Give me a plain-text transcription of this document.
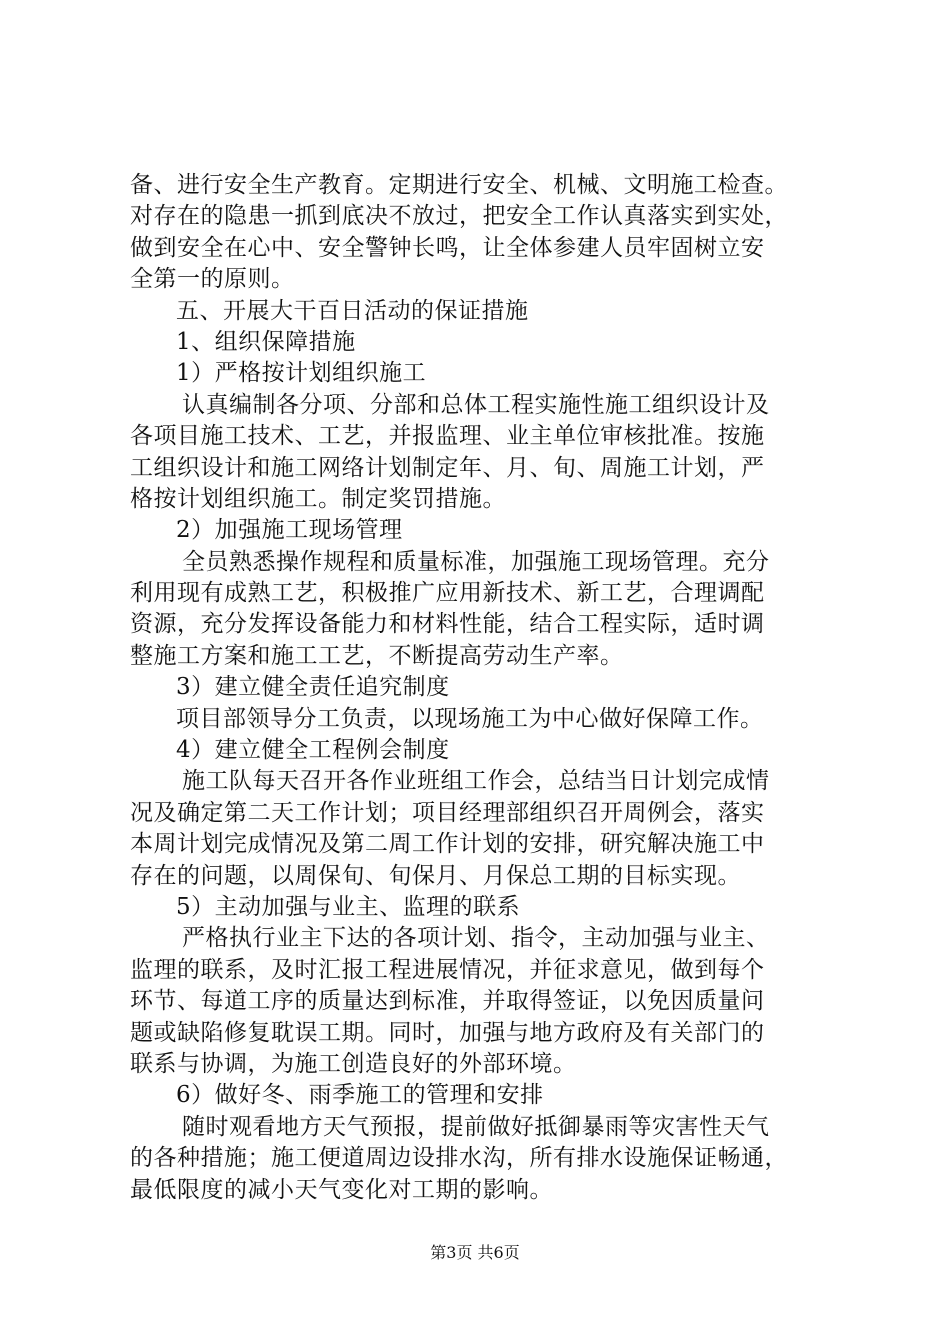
备、进行安全生产教育。定期进行安全、机械、文明施工检查。
对存在的隐患一抓到底决不放过，把安全工作认真落实到实处，
做到安全在心中、安全警钟长鸣，让全体参建人员牢固树立安
全第一的原则。
五、开展大干百日活动的保证措施
1、组织保障措施
1）严格按计划组织施工
认真编制各分项、分部和总体工程实施性施工组织设计及
各项目施工技术、工艺，并报监理、业主单位审核批准。按施
工组织设计和施工网络计划制定年、月、旬、周施工计划，严
格按计划组织施工。制定奖罚措施。
2）加强施工现场管理
全员熟悉操作规程和质量标准，加强施工现场管理。充分
利用现有成熟工艺，积极推广应用新技术、新工艺，合理调配
资源，充分发挥设备能力和材料性能，结合工程实际，适时调
整施工方案和施工工艺，不断提高劳动生产率。
3）建立健全责任追究制度
项目部领导分工负责，以现场施工为中心做好保障工作。
4）建立健全工程例会制度
施工队每天召开各作业班组工作会，总结当日计划完成情
况及确定第二天工作计划；项目经理部组织召开周例会，落实
本周计划完成情况及第二周工作计划的安排，研究解决施工中
存在的问题，以周保旬、旬保月、月保总工期的目标实现。
5）主动加强与业主、监理的联系
严格执行业主下达的各项计划、指令，主动加强与业主、
监理的联系，及时汇报工程进展情况，并征求意见，做到每个
环节、每道工序的质量达到标准，并取得签证，以免因质量问
题或缺陷修复耽误工期。同时，加强与地方政府及有关部门的
联系与协调，为施工创造良好的外部环境。
6）做好冬、雨季施工的管理和安排
随时观看地方天气预报，提前做好抵御暴雨等灾害性天气
的各种措施；施工便道周边设排水沟，所有排水设施保证畅通，
最低限度的减小天气变化对工期的影响。
第3页 共6页
